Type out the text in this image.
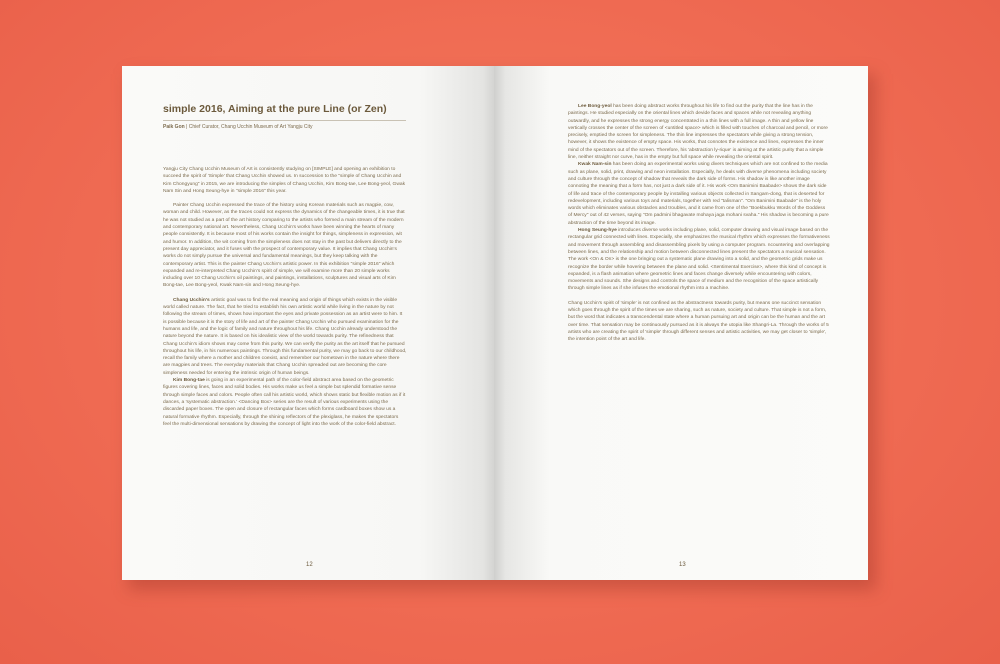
simple 2016, Aiming at the pure Line (or Zen)
Paik Gon | Chief Curator, Chang Ucchin Museum of Art Yangju City

Yangju City Chang Ucchin Museum of Art is consistently studying on [SIMPLE] and opening an exhibition to succeed the spirit of 'Simple' that Chang Ucchin showed us. In succession to the "simple of Chang Ucchin and Kim Chongyung" in 2015, we are introducing the simples of Chang Ucchin, Kim Bong-tae, Lee Bong-yeol, Gwak Nam Sin and Hong Seung-hye in "simple 2016" this year.

Painter Chang Ucchin expressed the trace of the history using Korean materials such as magpie, cow, woman and child. However, as the traces could not express the dynamics of the changeable times, it is true that he was not studied as a part of the art history comparing to the artists who formed a main stream of the modern and contemporary national art. Nevertheless, Chang Ucchin's works have been winning the hearts of many people consistently. It is because most of his works contain the insight for things, simpleness in expression, wit and humor. In addition, the wit coming from the simpleness does not stay in the past but delivers directly to the present day appreciator, and it fuses with the prospect of contemporary value. It implies that Chang Ucchin's works do not simply pursue the universal and fundamental meanings, but they keep talking with the contemporary artist. This is the painter Chang Ucchin's artistic power. In this exhibition "simple 2016" which expanded and re-interpreted Chang Ucchin's spirit of simple, we will examine more than 20 simple works including over 10 Chang Ucchin's oil paintings, and paintings, installations, sculptures and visual arts of Kim Bong-tae, Lee Bong-yeol, Kwak Nam-sin and Hong Seung-hye.

Chang Ucchin's artistic goal was to find the real meaning and origin of things which exists in the visible world called nature. The fact, that he tried to establish his own artistic world while living in the nature by not following the stream of times, shows how important the eyes and private possession as an artist were to him. It is possible because it is the story of life and art of the painter Chang Ucchin who pursued examination for the humans and life, and the logic of family and nature throughout his life. Chang Ucchin already understood the nature beyond the nature. It is based on his idealistic view of the world towards purity. The refinedness that Chang Ucchin's idiom shows may come from this purity. We can verify the purity as the art itself that he pursued throughout his life, in his numerous paintings. Through this fundamental purity, we may go back to our childhood, recall the family where a mother and children coexist, and remember our hometown in the nature where there are magpies and trees. The everyday materials that Chang Ucchin spreaded out are becoming the core simpleness needed for entering the intrinsic origin of human beings.

Kim Bong-tae is going in an experimental path of the color-field abstract area based on the geometric figures covering lines, faces and solid bodies. His works make us feel a simple but splendid formative sense through simple faces and colors. People often call his artistic world, which shows static but flexible motion as if it dances, a 'systematic abstraction.' <Dancing Box> series are the result of various experiments using the discarded paper boxes. The open and closure of rectangular faces which forms cardboard boxes show us a natural formative rhythm. Especially, through the shining reflectors of the plexiglass, he makes the spectators feel the multi-dimensional sensations by drawing the concept of light into the work of the color-field abstract.

12

Lee Bong-yeol has been doing abstract works throughout his life to find out the purity that the line has in the paintings. He studied especially on the oriental lines which devide faces and spaces while not revealing anything outwardly, and he expresses the strong energy concentrated in a thin lines with a full image. A thin and yellow line vertically crosses the center of the screen of <untitled space> which is filled with touches of charcoal and pencil, or more precisely, emptied the screen for simpleness. The thin line impresses the spectators while giving a strong tension, however, it shows the existence of empty space. His works, that connotes the existence and lines, expresses the inner mind of the spectators out of the screen. Therefore, his 'abstraction ly-rique' is aiming at the artistic purity that a simple line, neither straight nor curve, has in the empty but full space while revealing the oriental spirit.

Kwak Nam-sin has been doing an experimental works using divers techniques which are not confined to the media such as plane, solid, print, drawing and neon installation. Especially, he deals with diverse phenomena including society and culture through the concept of shadow that reveals the dark side of forms. His shadow is like another image connoting the meaning that a form has, not just a dark side of it. His work <Om Banimini Baabade> shows the dark side of life and trace of the contemporary people by installing various objects collected in Sangam-dong, that is deserted for redevelopment, including various toys and materials, together with red "talisman". "Om Banimini Baabade" is the holy words which eliminates various obstacles and troubles, and it came from one of the "Boekbukku Words of the Goddess of Mercy" out of 42 verses, saying "Om padmini bhagavate mohaya jaga mohani svaha." His shadow is becoming a pure abstraction of the time beyond its image.

Hong Seung-hye introduces diverse works including plane, solid, computer drawing and visual image based on the rectangular grid connected with lines. Expecially, she emphasizes the musical rhythm which expresses the formativeness and movement through assembling and disassembling pixels by using a computer program. ncountering and overlapping between lines, and the relationship and motion between disconnected lines present the spectators a musical sensation. The work <On & On> is the one bringing out a systematic plane drawing into a solid, and the geometric grids make us recognize the border while hovering between the plane and solid. <Sentimental Exercise>, where this kind of concept is expanded, is a flash animation where geometric lines and faces change diversely while encountering with colors, movements and sounds. She designs and controls the space of medium and the recognition of the space artistically through simple lines as if she infuses the emotional rhythm into a machine.

Chang Ucchin's spirit of 'simple' is not confined as the abstractness towards purity, but means one succinct sensation which goes through the spirit of the times we are sharing, such as nature, society and culture. That simple is not a form, but the word that indicates a transcendental state where a human pursuing art and origin can be the human and the art over time. That sensation may be continuously pursued as it is always the utopia like Shangri-La. Through the works of 5 artists who are creating the spirit of 'simple' through different senses and artistic activities, we may get closer to 'simple', the intention point of the art and life.

13
